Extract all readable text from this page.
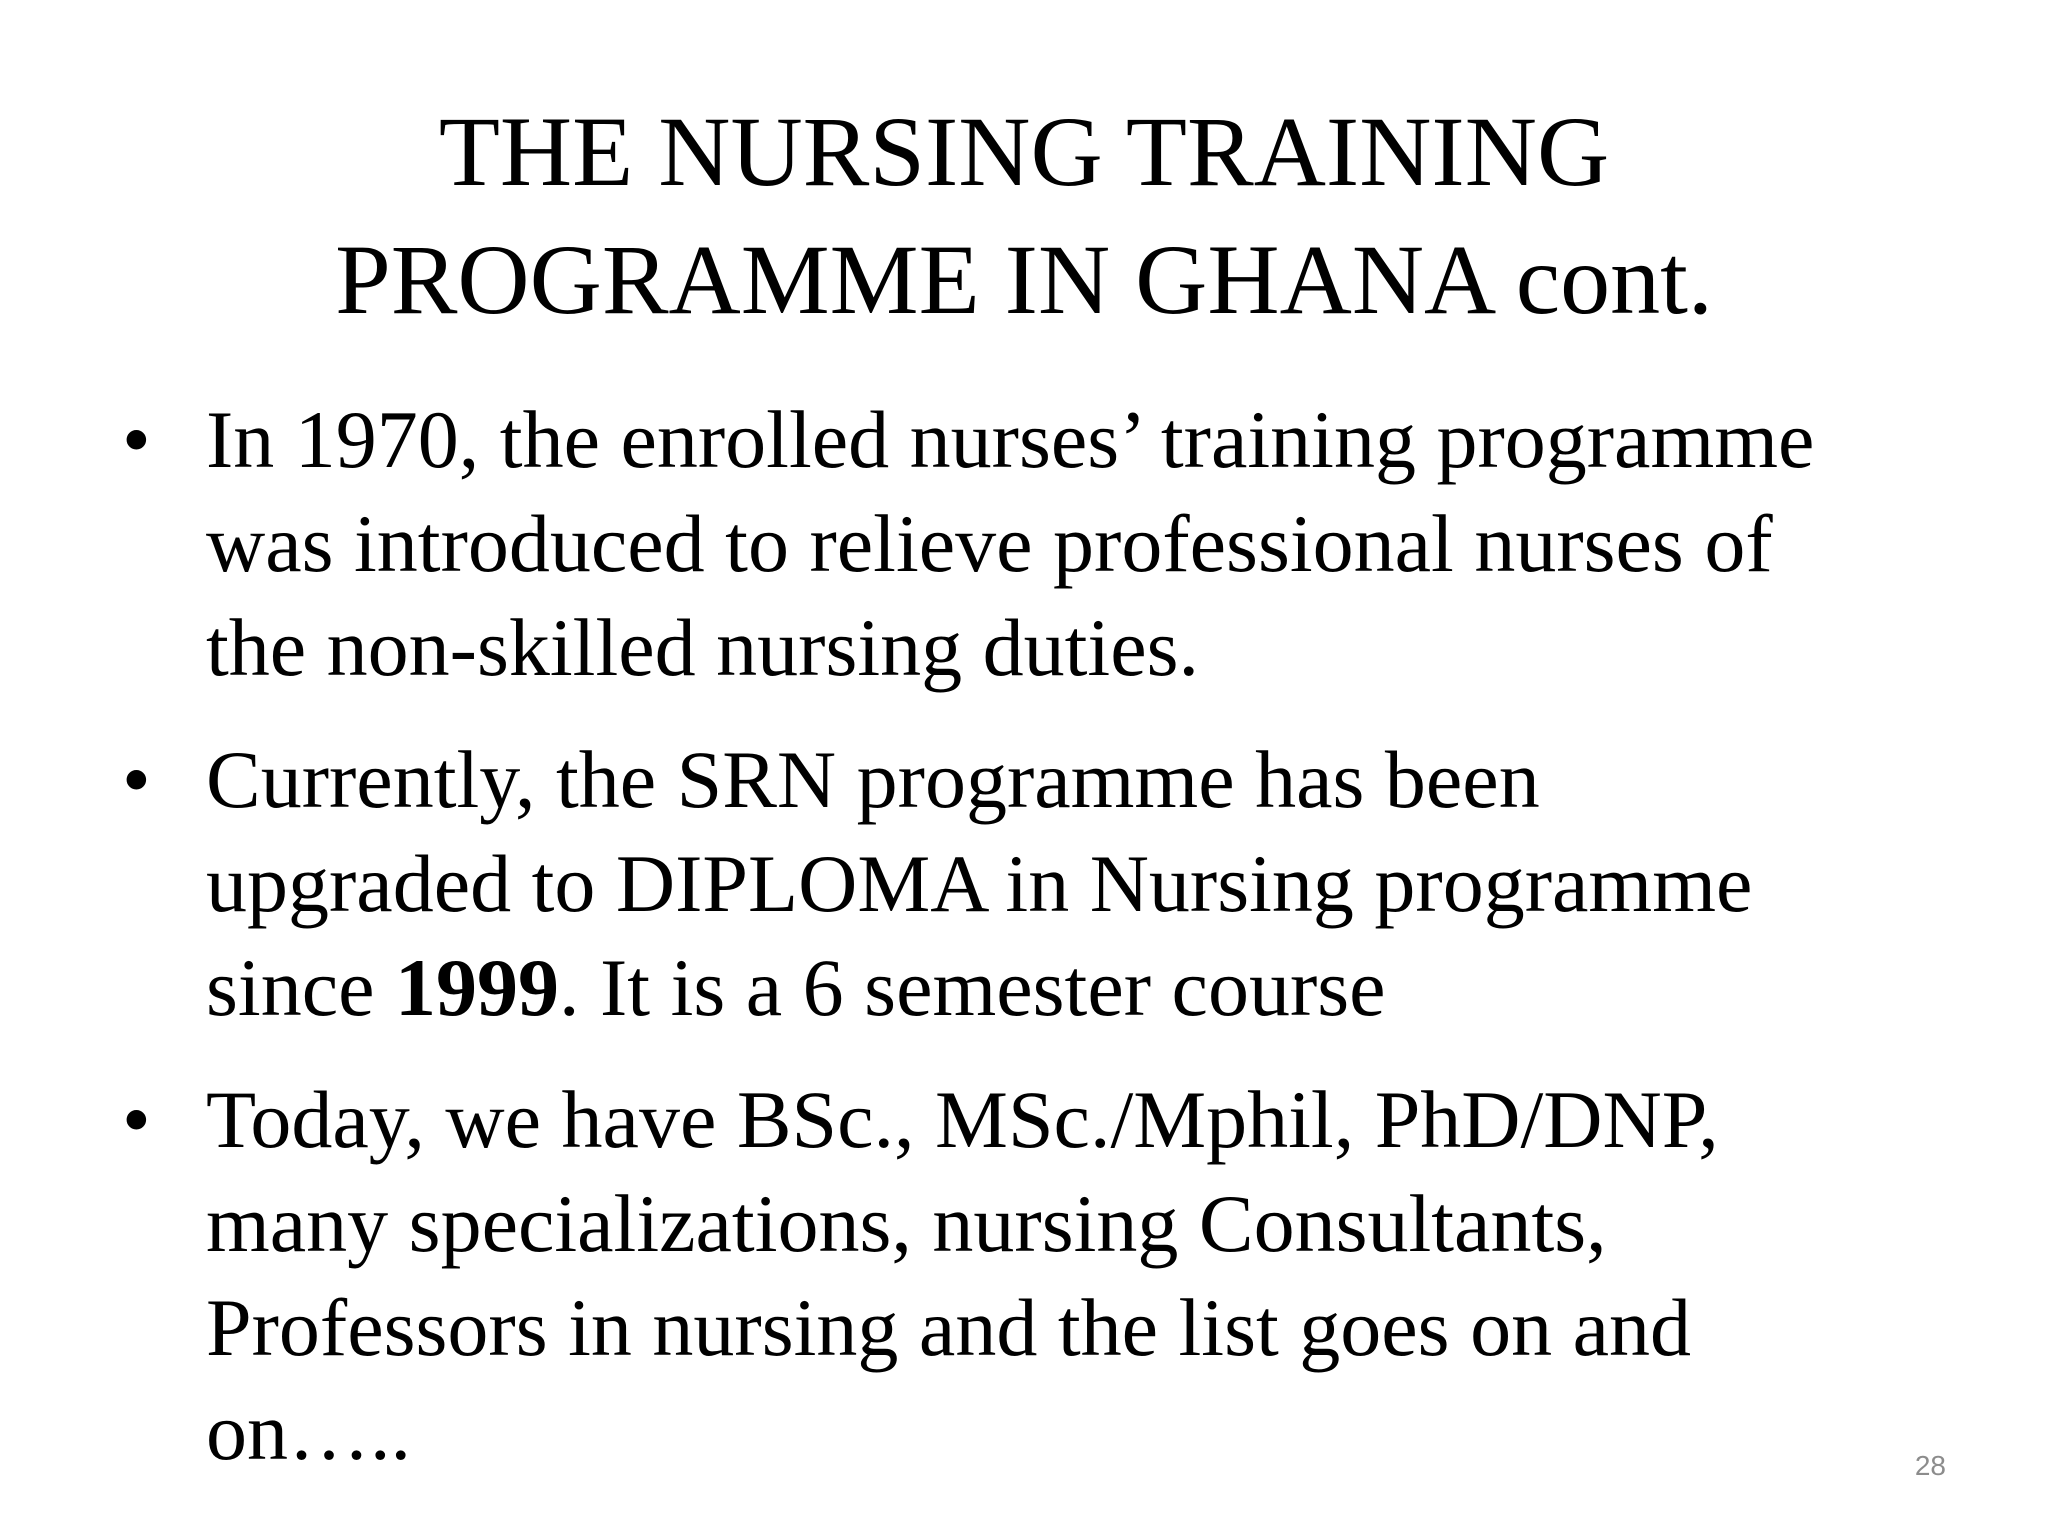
THE NURSING TRAINING
PROGRAMME IN GHANA cont.
• In 1970, the enrolled nurses’ training programme
was introduced to relieve professional nurses of
the non-skilled nursing duties.
• Currently, the SRN programme has been
upgraded to DIPLOMA in Nursing programme
since 1999. It is a 6 semester course
• Today, we have BSc., MSc./Mphil, PhD/DNP,
many specializations, nursing Consultants,
Professors in nursing and the list goes on and
on…..	28
